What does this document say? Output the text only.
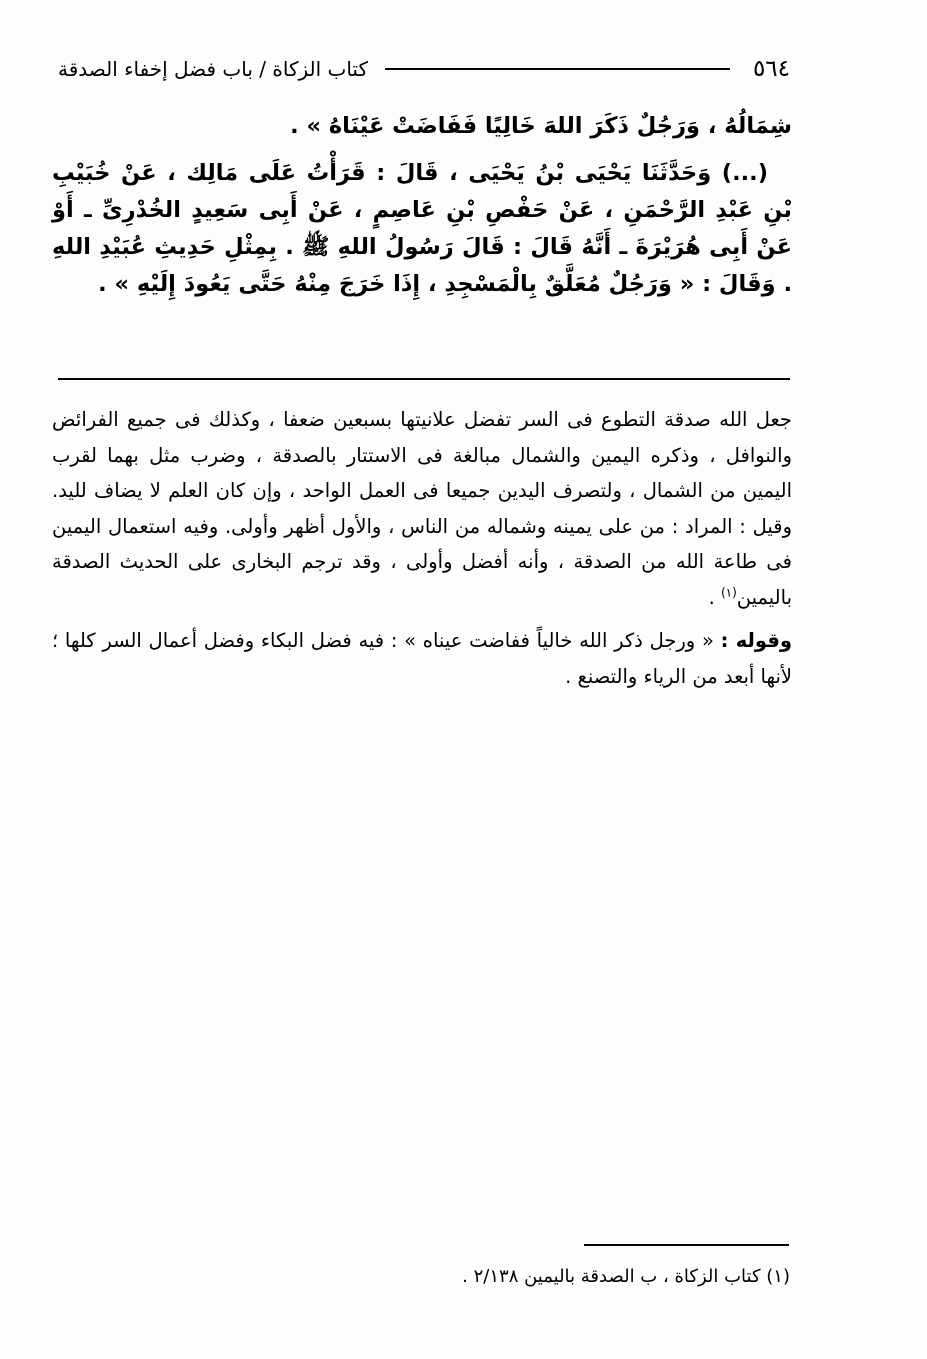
٥٦٤
كتاب الزكاة / باب فضل إخفاء الصدقة

شِمَالُهُ ، وَرَجُلٌ ذَكَرَ اللهَ خَالِيًا فَفَاضَتْ عَيْنَاهُ » .

(...) وَحَدَّثَنَا يَحْيَى بْنُ يَحْيَى ، قَالَ : قَرَأْتُ عَلَى مَالِك ، عَنْ خُبَيْبِ بْنِ عَبْدِ الرَّحْمَنِ ، عَنْ حَفْصِ بْنِ عَاصِمٍ ، عَنْ أَبِى سَعِيدٍ الخُدْرِىِّ ـ أَوْ عَنْ أَبِى هُرَيْرَةَ ـ أَنَّهُ قَالَ : قَالَ رَسُولُ اللهِ ﷺ . بِمِثْلِ حَدِيثِ عُبَيْدِ اللهِ . وَقَالَ : « وَرَجُلٌ مُعَلَّقٌ بِالْمَسْجِدِ ، إِذَا خَرَجَ مِنْهُ حَتَّى يَعُودَ إِلَيْهِ » .

جعل الله صدقة التطوع فى السر تفضل علانيتها بسبعين ضعفا ، وكذلك فى جميع الفرائض والنوافل ، وذكره اليمين والشمال مبالغة فى الاستتار بالصدقة ، وضرب مثل بهما لقرب اليمين من الشمال ، ولتصرف اليدين جميعا فى العمل الواحد ، وإن كان العلم لا يضاف لليد. وقيل : المراد : من على يمينه وشماله من الناس ، والأول أظهر وأولى. وفيه استعمال اليمين فى طاعة الله من الصدقة ، وأنه أفضل وأولى ، وقد ترجم البخارى على الحديث الصدقة باليمين$^{(١)}$ .

وقوله : « ورجل ذكر الله خالياً ففاضت عيناه » : فيه فضل البكاء وفضل أعمال السر كلها ؛ لأنها أبعد من الرياء والتصنع .

(١) كتاب الزكاة ، ب الصدقة باليمين ٢/١٣٨ .
